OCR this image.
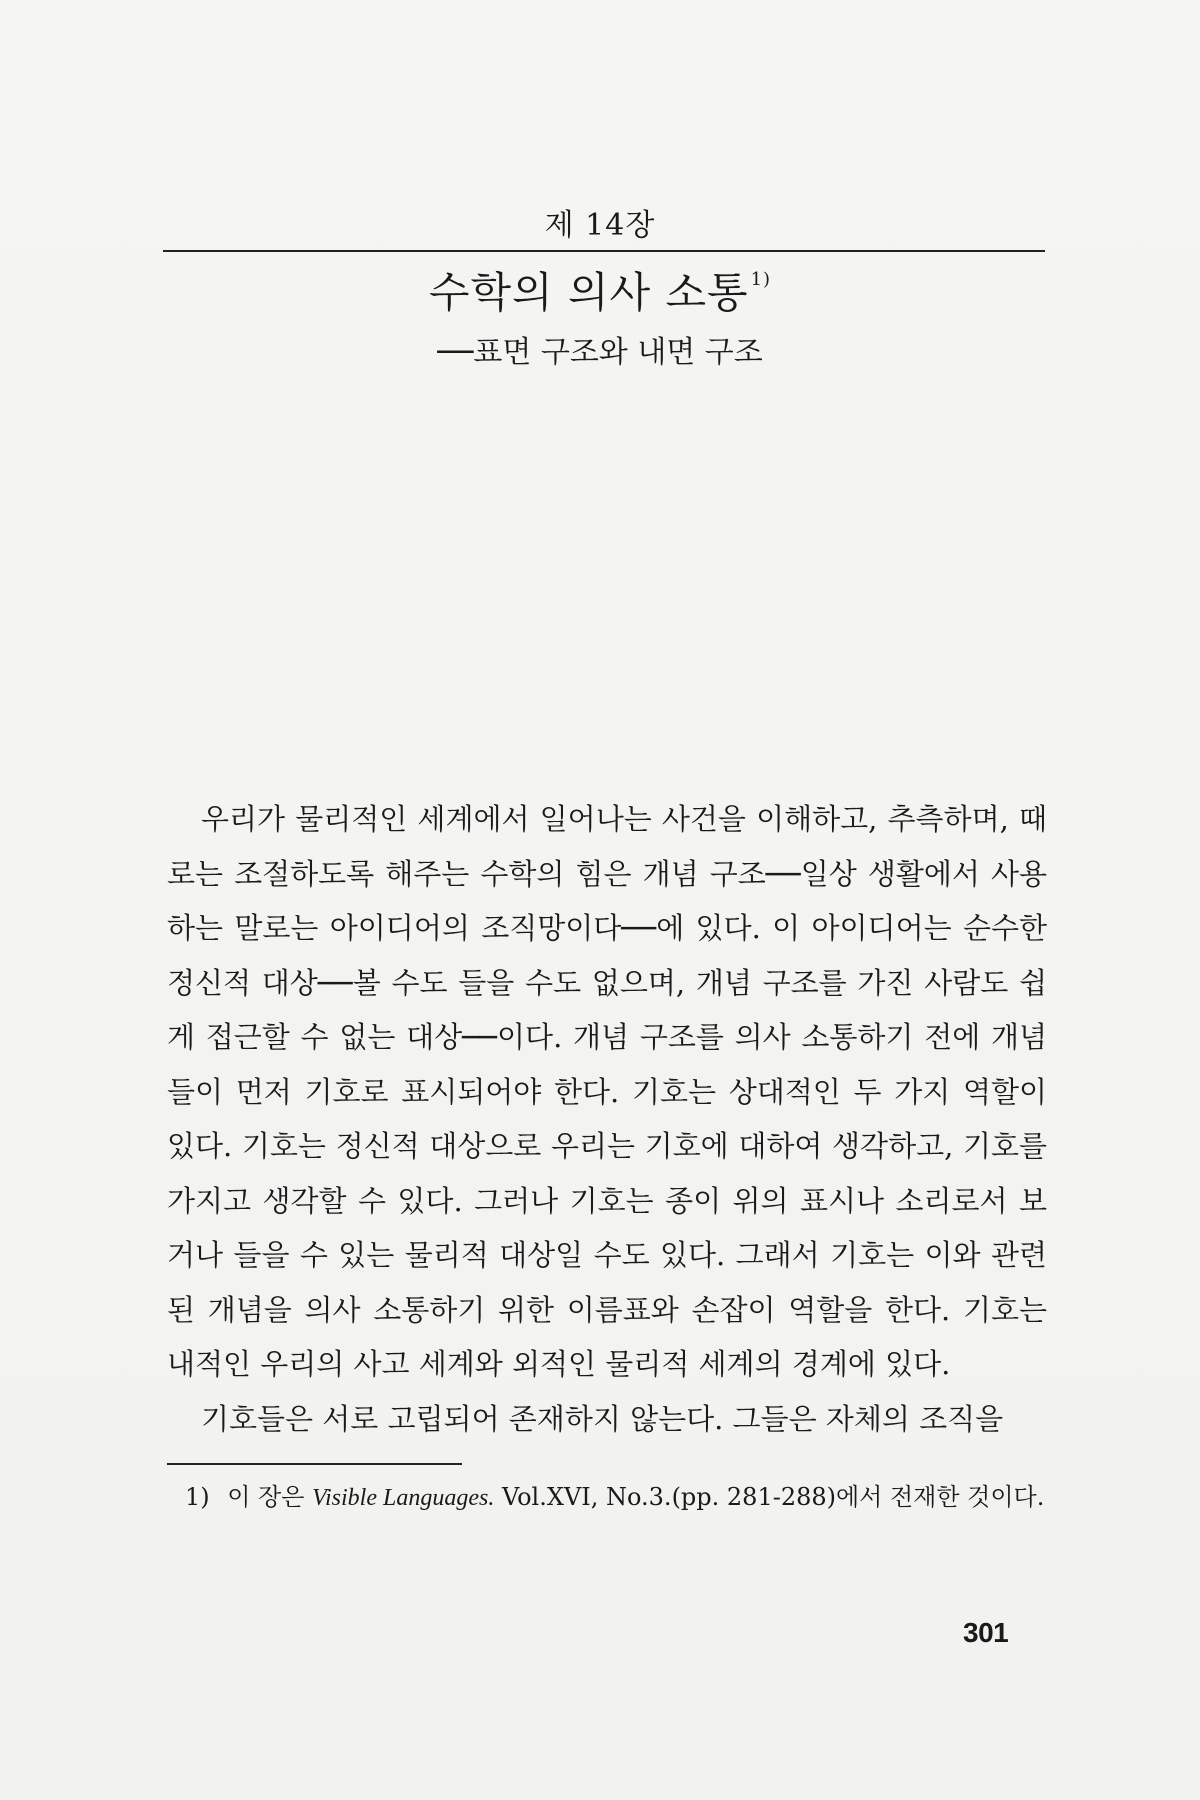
제 14장
수학의 의사 소통 $^{1)}$
──표면 구조와 내면 구조

우리가 물리적인 세계에서 일어나는 사건을 이해하고, 추측하며, 때로는 조절하도록 해주는 수학의 힘은 개념 구조──일상 생활에서 사용하는 말로는 아이디어의 조직망이다──에 있다. 이 아이디어는 순수한 정신적 대상──볼 수도 들을 수도 없으며, 개념 구조를 가진 사람도 쉽게 접근할 수 없는 대상──이다. 개념 구조를 의사 소통하기 전에 개념들이 먼저 기호로 표시되어야 한다. 기호는 상대적인 두 가지 역할이 있다. 기호는 정신적 대상으로 우리는 기호에 대하여 생각하고, 기호를 가지고 생각할 수 있다. 그러나 기호는 종이 위의 표시나 소리로서 보거나 들을 수 있는 물리적 대상일 수도 있다. 그래서 기호는 이와 관련된 개념을 의사 소통하기 위한 이름표와 손잡이 역할을 한다. 기호는 내적인 우리의 사고 세계와 외적인 물리적 세계의 경계에 있다.

기호들은 서로 고립되어 존재하지 않는다. 그들은 자체의 조직을

1) 이 장은 Visible Languages. Vol.XVI, No.3.(pp. 281-288)에서 전재한 것이다.
301
